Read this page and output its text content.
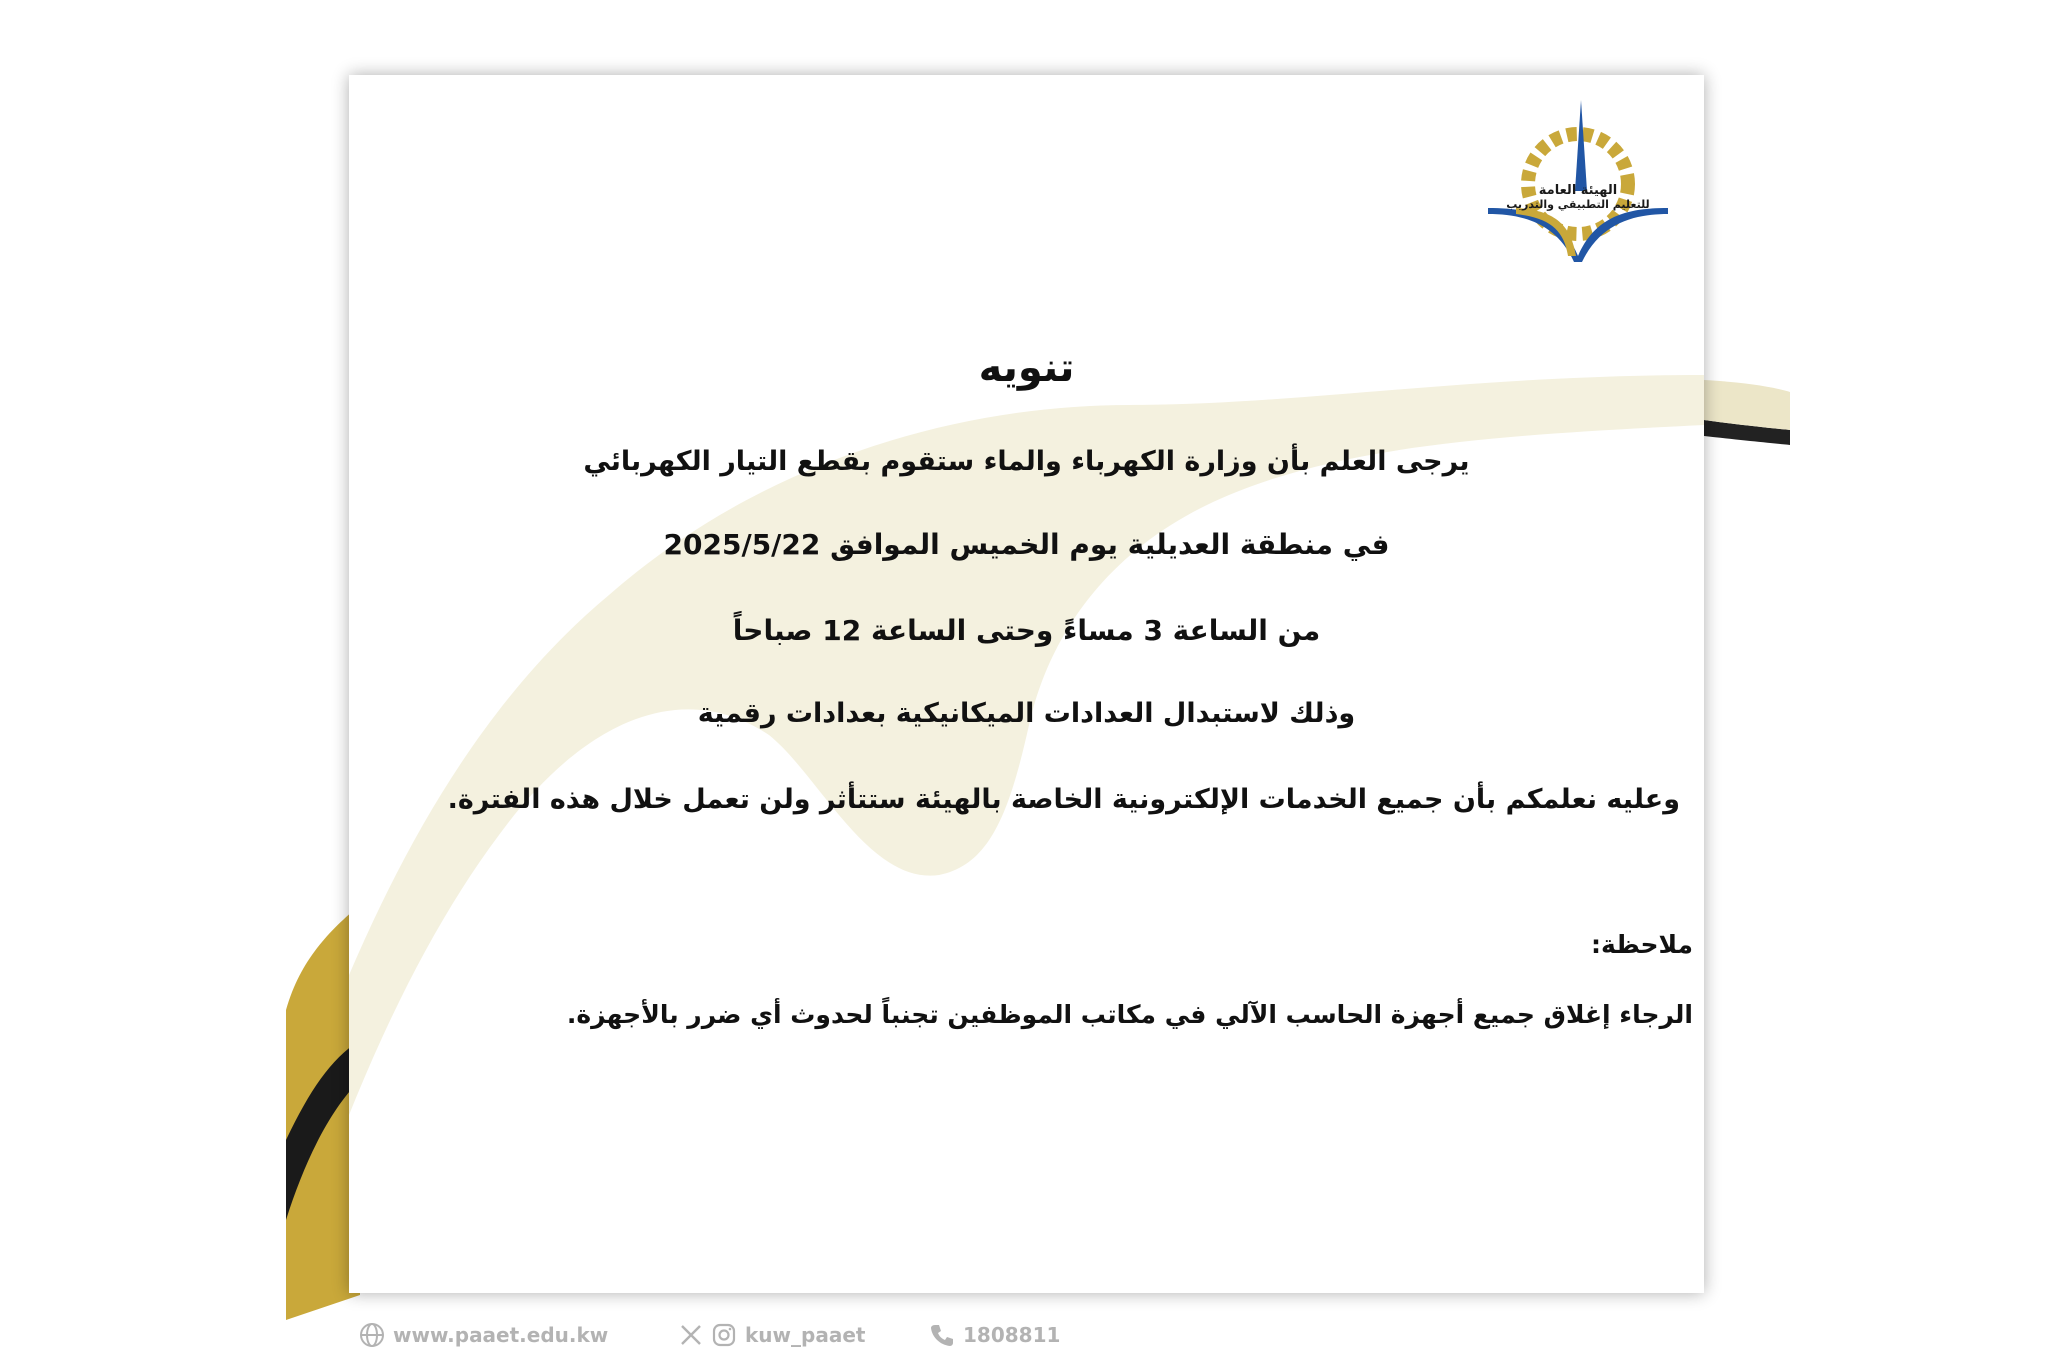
الهيئة العامة
للتعليم التطبيقي والتدريب
تنويه
يرجى العلم بأن وزارة الكهرباء والماء ستقوم بقطع التيار الكهربائي
في منطقة العديلية يوم الخميس الموافق 2025/5/22
من الساعة 3 مساءً وحتى الساعة 12 صباحاً
وذلك لاستبدال العدادات الميكانيكية بعدادات رقمية
وعليه نعلمكم بأن جميع الخدمات الإلكترونية الخاصة بالهيئة ستتأثر ولن تعمل خلال هذه الفترة.
ملاحظة:
الرجاء إغلاق جميع أجهزة الحاسب الآلي في مكاتب الموظفين تجنباً لحدوث أي ضرر بالأجهزة.
www.paaet.edu.kw	kuw_paaet	1808811
